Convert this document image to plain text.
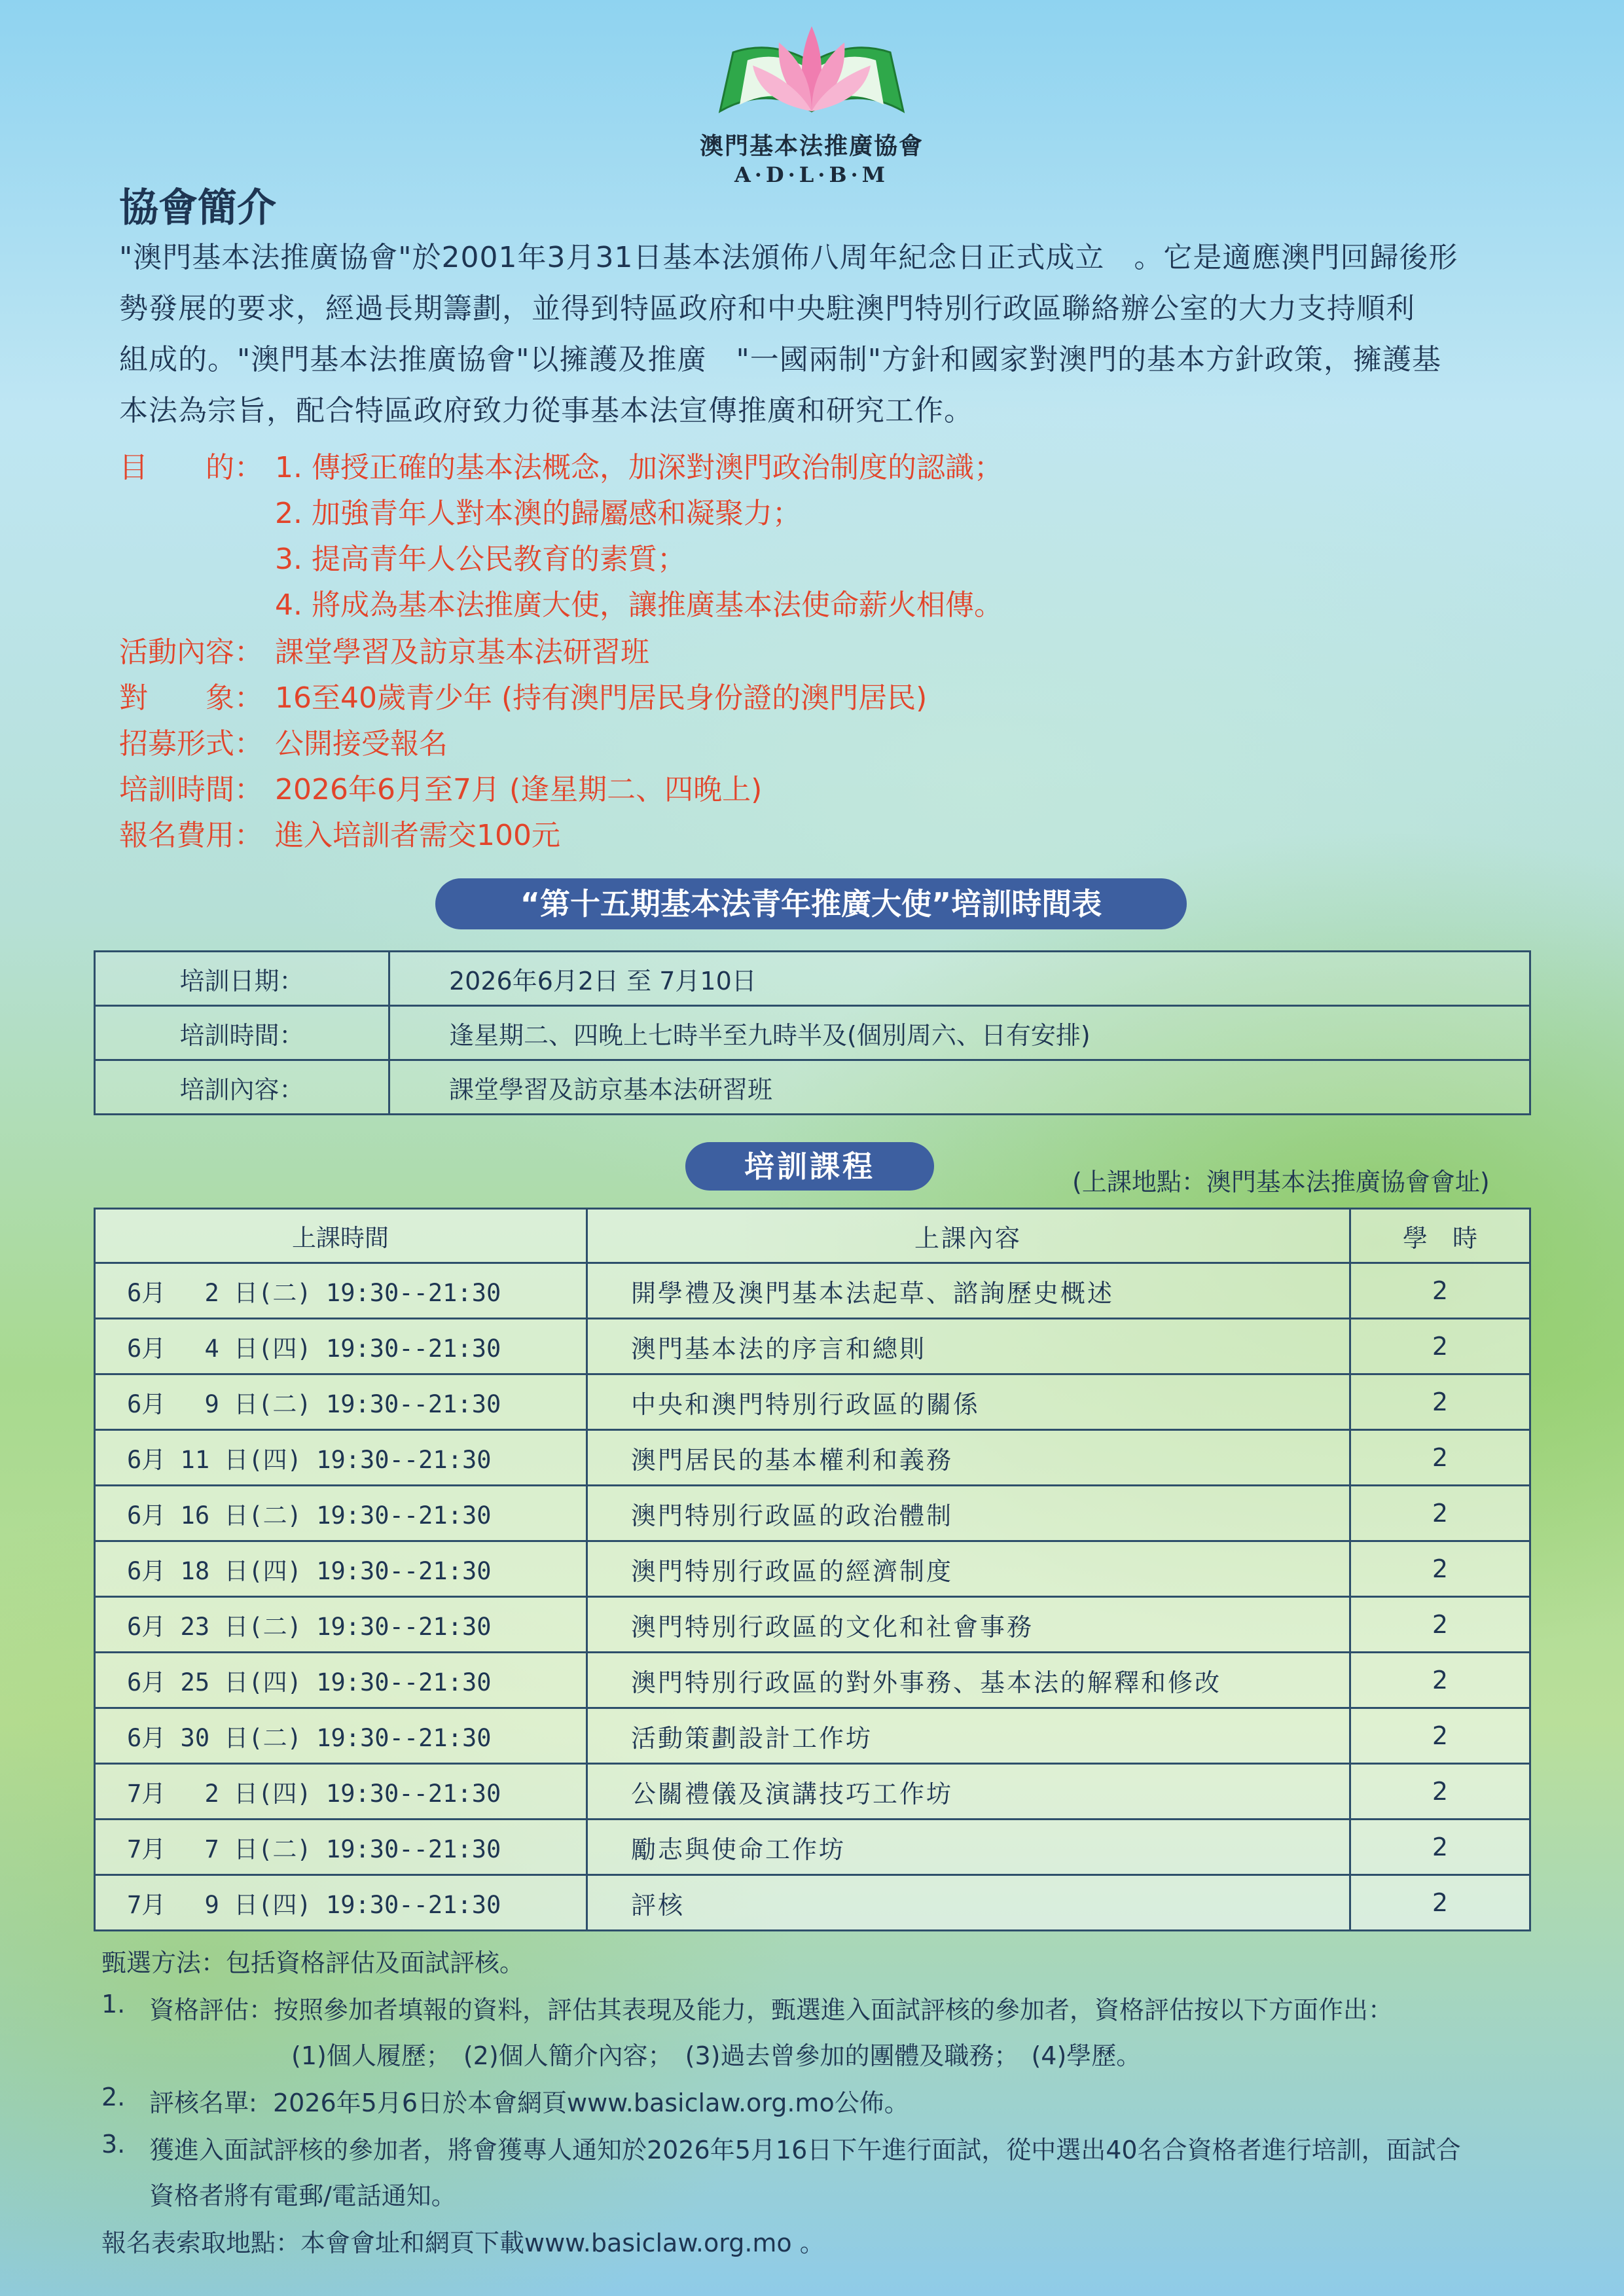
澳門基本法推廣協會
A·D·L·B·M
協會簡介
"澳門基本法推廣協會"於2001年3月31日基本法頒佈八周年紀念日正式成立　。它是適應澳門回歸後形
勢發展的要求，經過長期籌劃，並得到特區政府和中央駐澳門特別行政區聯絡辦公室的大力支持順利
組成的。"澳門基本法推廣協會"以擁護及推廣　"一國兩制"方針和國家對澳門的基本方針政策，擁護基
本法為宗旨，配合特區政府致力從事基本法宣傳推廣和研究工作。
目　　的： 1. 傳授正確的基本法概念，加深對澳門政治制度的認識；
2. 加強青年人對本澳的歸屬感和凝聚力；
3. 提高青年人公民教育的素質；
4. 將成為基本法推廣大使，讓推廣基本法使命薪火相傳。
活動內容： 課堂學習及訪京基本法研習班
對　　象： 16至40歲青少年 (持有澳門居民身份證的澳門居民)
招募形式： 公開接受報名
培訓時間： 2026年6月至7月 (逢星期二、四晚上)
報名費用： 進入培訓者需交100元
“第十五期基本法青年推廣大使”培訓時間表
培訓日期：	2026年6月2日 至 7月10日
培訓時間：	逢星期二、四晚上七時半至九時半及(個別周六、日有安排)
培訓內容：	課堂學習及訪京基本法研習班
培訓課程	(上課地點：澳門基本法推廣協會會址)
上課時間	上課內容	學　時
6月　 2 日(二) 19:30--21:30	開學禮及澳門基本法起草、諮詢歷史概述	2
6月　 4 日(四) 19:30--21:30	澳門基本法的序言和總則	2
6月　 9 日(二) 19:30--21:30	中央和澳門特別行政區的關係	2
6月 11 日(四) 19:30--21:30	澳門居民的基本權利和義務	2
6月 16 日(二) 19:30--21:30	澳門特別行政區的政治體制	2
6月 18 日(四) 19:30--21:30	澳門特別行政區的經濟制度	2
6月 23 日(二) 19:30--21:30	澳門特別行政區的文化和社會事務	2
6月 25 日(四) 19:30--21:30	澳門特別行政區的對外事務、基本法的解釋和修改	2
6月 30 日(二) 19:30--21:30	活動策劃設計工作坊	2
7月　 2 日(四) 19:30--21:30	公關禮儀及演講技巧工作坊	2
7月　 7 日(二) 19:30--21:30	勵志與使命工作坊	2
7月　 9 日(四) 19:30--21:30	評核	2
甄選方法：包括資格評估及面試評核。
1. 資格評估：按照參加者填報的資料，評估其表現及能力，甄選進入面試評核的參加者，資格評估按以下方面作出：
(1)個人履歷；　(2)個人簡介內容；　(3)過去曾參加的團體及職務；　(4)學歷。
2. 評核名單:  2026年5月6日於本會網頁www.basiclaw.org.mo公佈。
3. 獲進入面試評核的參加者，將會獲專人通知於2026年5月16日下午進行面試，從中選出40名合資格者進行培訓，面試合
資格者將有電郵/電話通知。
報名表索取地點：本會會址和網頁下載www.basiclaw.org.mo 。
